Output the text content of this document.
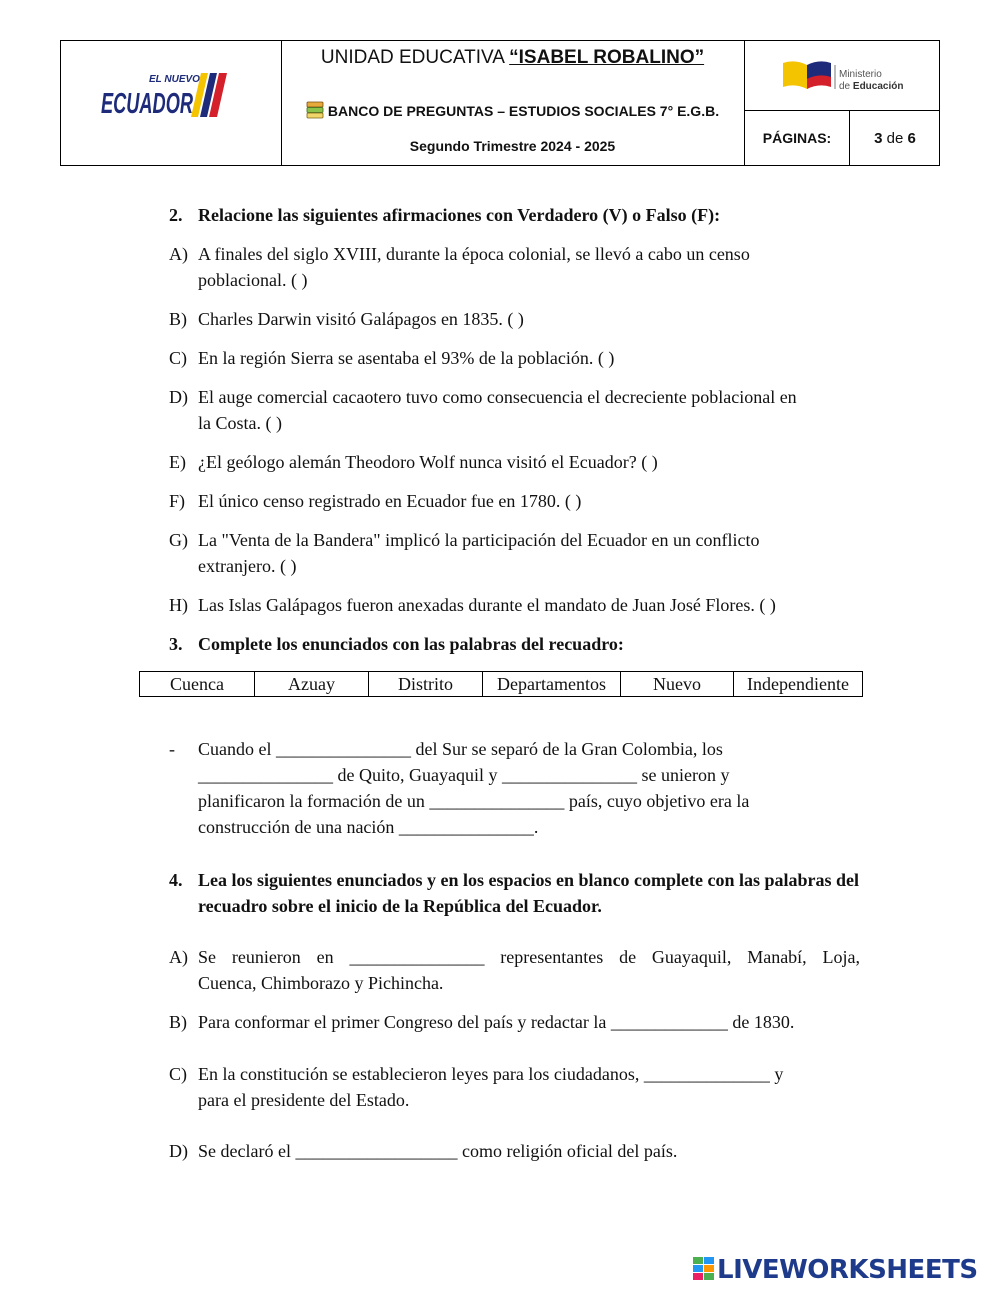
EL NUEVO
ECUADOR
UNIDAD EDUCATIVA “ISABEL ROBALINO”
BANCO DE PREGUNTAS – ESTUDIOS SOCIALES 7° E.G.B.
Segundo Trimestre 2024 - 2025
Ministerio
de Educación
PÁGINAS:	3 de 6
2. Relacione las siguientes afirmaciones con Verdadero (V) o Falso (F):
A) A finales del siglo XVIII, durante la época colonial, se llevó a cabo un censo
poblacional. ( )
B) Charles Darwin visitó Galápagos en 1835. ( )
C) En la región Sierra se asentaba el 93% de la población. ( )
D) El auge comercial cacaotero tuvo como consecuencia el decreciente poblacional en
la Costa. ( )
E) ¿El geólogo alemán Theodoro Wolf nunca visitó el Ecuador? ( )
F) El único censo registrado en Ecuador fue en 1780. ( )
G) La "Venta de la Bandera" implicó la participación del Ecuador en un conflicto
extranjero. ( )
H) Las Islas Galápagos fueron anexadas durante el mandato de Juan José Flores. ( )
3. Complete los enunciados con las palabras del recuadro:
Cuenca	Azuay	Distrito	Departamentos	Nuevo	Independiente
-	Cuando el _______________ del Sur se separó de la Gran Colombia, los
_______________ de Quito, Guayaquil y _______________ se unieron y
planificaron la formación de un _______________ país, cuyo objetivo era la
construcción de una nación _______________.
4. Lea los siguientes enunciados y en los espacios en blanco complete con las palabras del
recuadro sobre el inicio de la República del Ecuador.
A) Se reunieron en _______________ representantes de Guayaquil, Manabí, Loja,
Cuenca, Chimborazo y Pichincha.
B) Para conformar el primer Congreso del país y redactar la _____________ de 1830.
C) En la constitución se establecieron leyes para los ciudadanos, ______________ y
para el presidente del Estado.
D) Se declaró el __________________ como religión oficial del país.
LIVEWORKSHEETS
